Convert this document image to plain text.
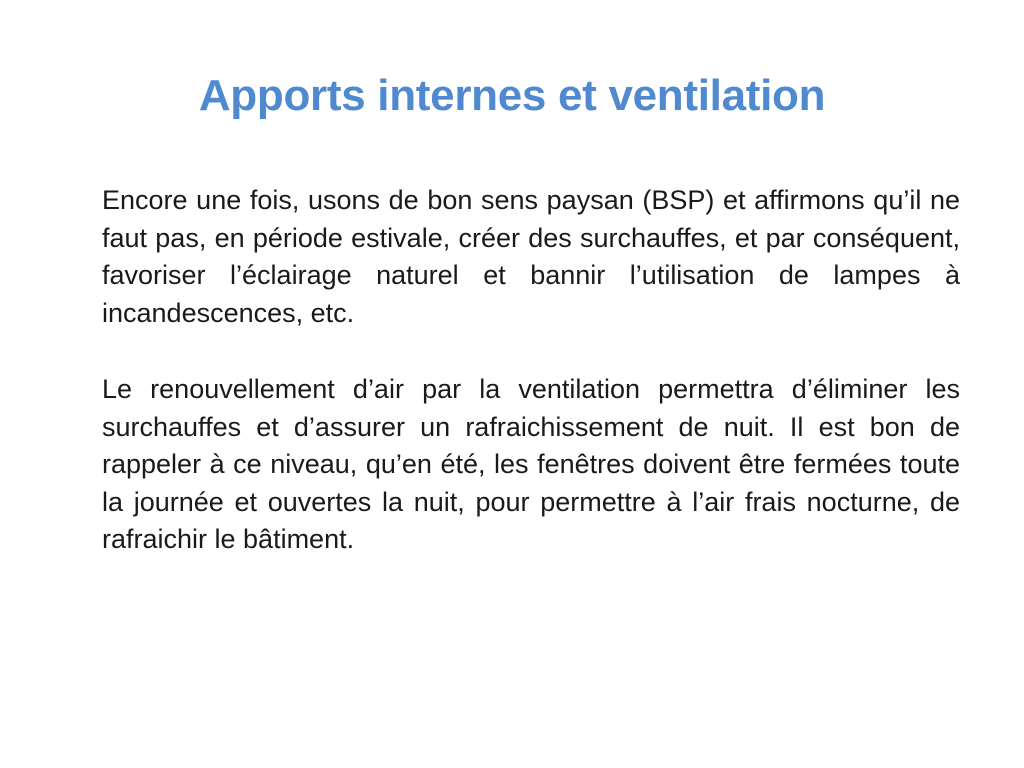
Apports internes et ventilation

Encore une fois, usons de bon sens paysan (BSP) et affirmons qu’il ne faut pas, en période estivale, créer des surchauffes, et par conséquent, favoriser l’éclairage naturel et bannir l’utilisation de lampes à incandescences, etc.

Le renouvellement d’air par la ventilation permettra d’éliminer les surchauffes et d’assurer un rafraichissement de nuit. Il est bon de rappeler à ce niveau, qu’en été, les fenêtres doivent être fermées toute la journée et ouvertes la nuit, pour permettre à l’air frais nocturne, de rafraichir le bâtiment.
